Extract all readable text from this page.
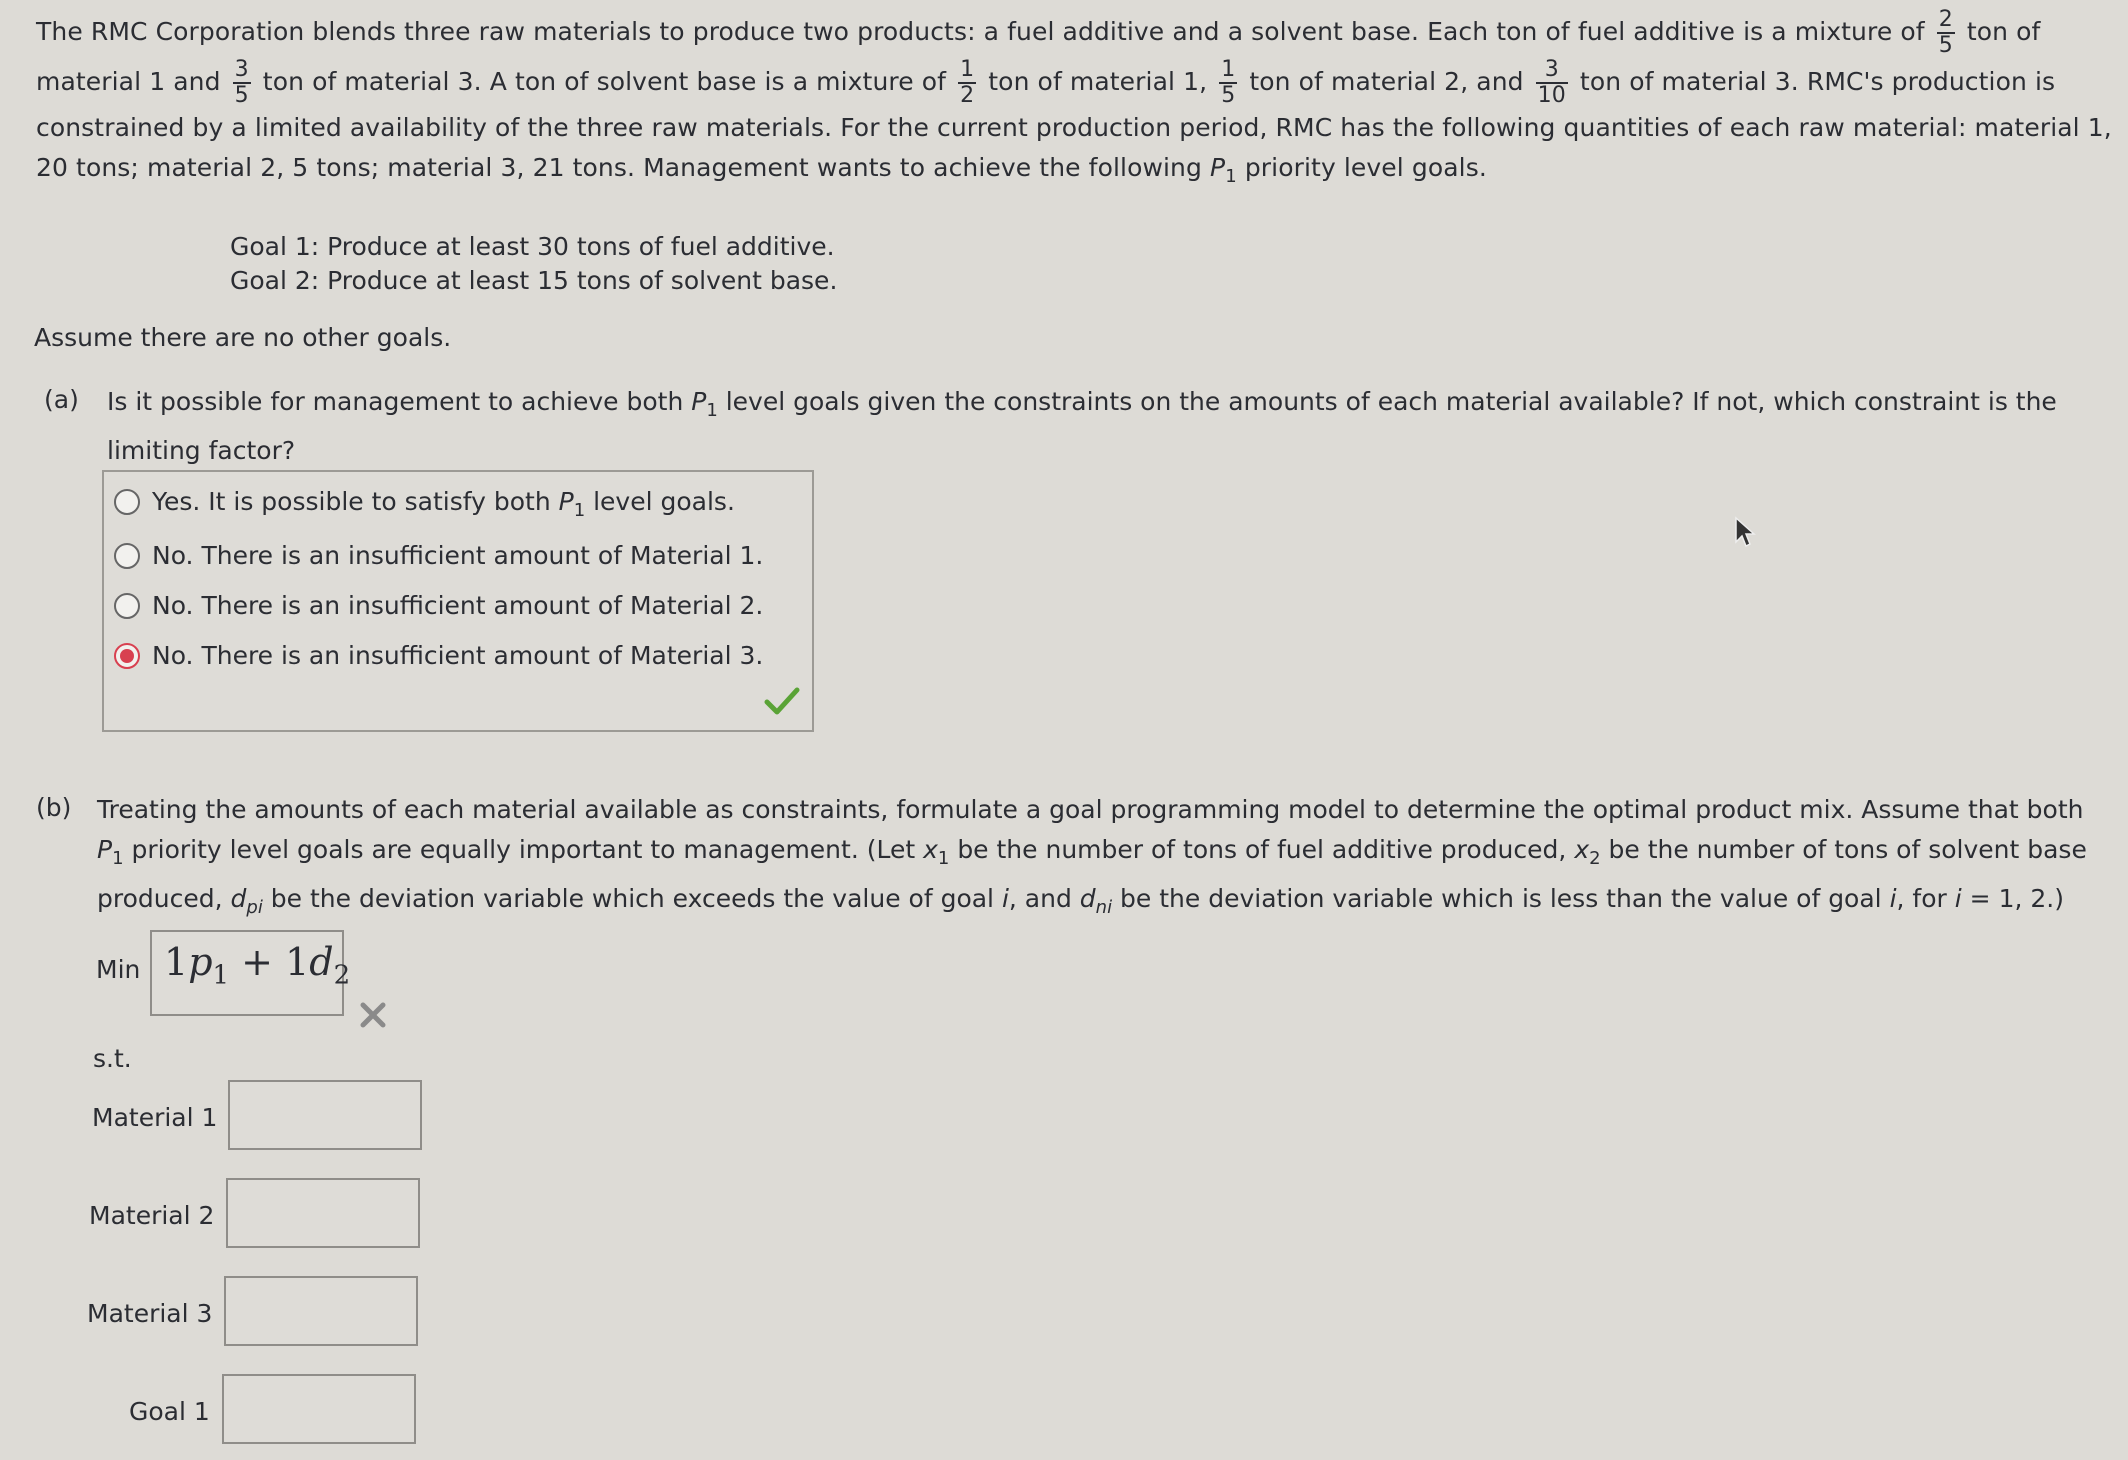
The RMC Corporation blends three raw materials to produce two products: a fuel additive and a solvent base. Each ton of fuel additive is a mixture of $\frac{2}{5}$ ton of material 1 and $\frac{3}{5}$ ton of material 3. A ton of solvent base is a mixture of $\frac{1}{2}$ ton of material 1, $\frac{1}{5}$ ton of material 2, and $\frac{3}{10}$ ton of material 3. RMC's production is constrained by a limited availability of the three raw materials. For the current production period, RMC has the following quantities of each raw material: material 1, 20 tons; material 2, 5 tons; material 3, 21 tons. Management wants to achieve the following $P_1$ priority level goals.
Goal 1: Produce at least 30 tons of fuel additive.
Goal 2: Produce at least 15 tons of solvent base.
Assume there are no other goals.
(a) Is it possible for management to achieve both $P_1$ level goals given the constraints on the amounts of each material available? If not, which constraint is the limiting factor?
Yes. It is possible to satisfy both $P_1$ level goals.
No. There is an insufficient amount of Material 1.
No. There is an insufficient amount of Material 2.
No. There is an insufficient amount of Material 3.
(b) Treating the amounts of each material available as constraints, formulate a goal programming model to determine the optimal product mix. Assume that both $P_1$ priority level goals are equally important to management. (Let $x_1$ be the number of tons of fuel additive produced, $x_2$ be the number of tons of solvent base produced, $d_{pi}$ be the deviation variable which exceeds the value of goal i, and $d_{ni}$ be the deviation variable which is less than the value of goal i, for i = 1, 2.)
Min $1p_1 + 1d_2$
s.t.
Material 1
Material 2
Material 3
Goal 1
